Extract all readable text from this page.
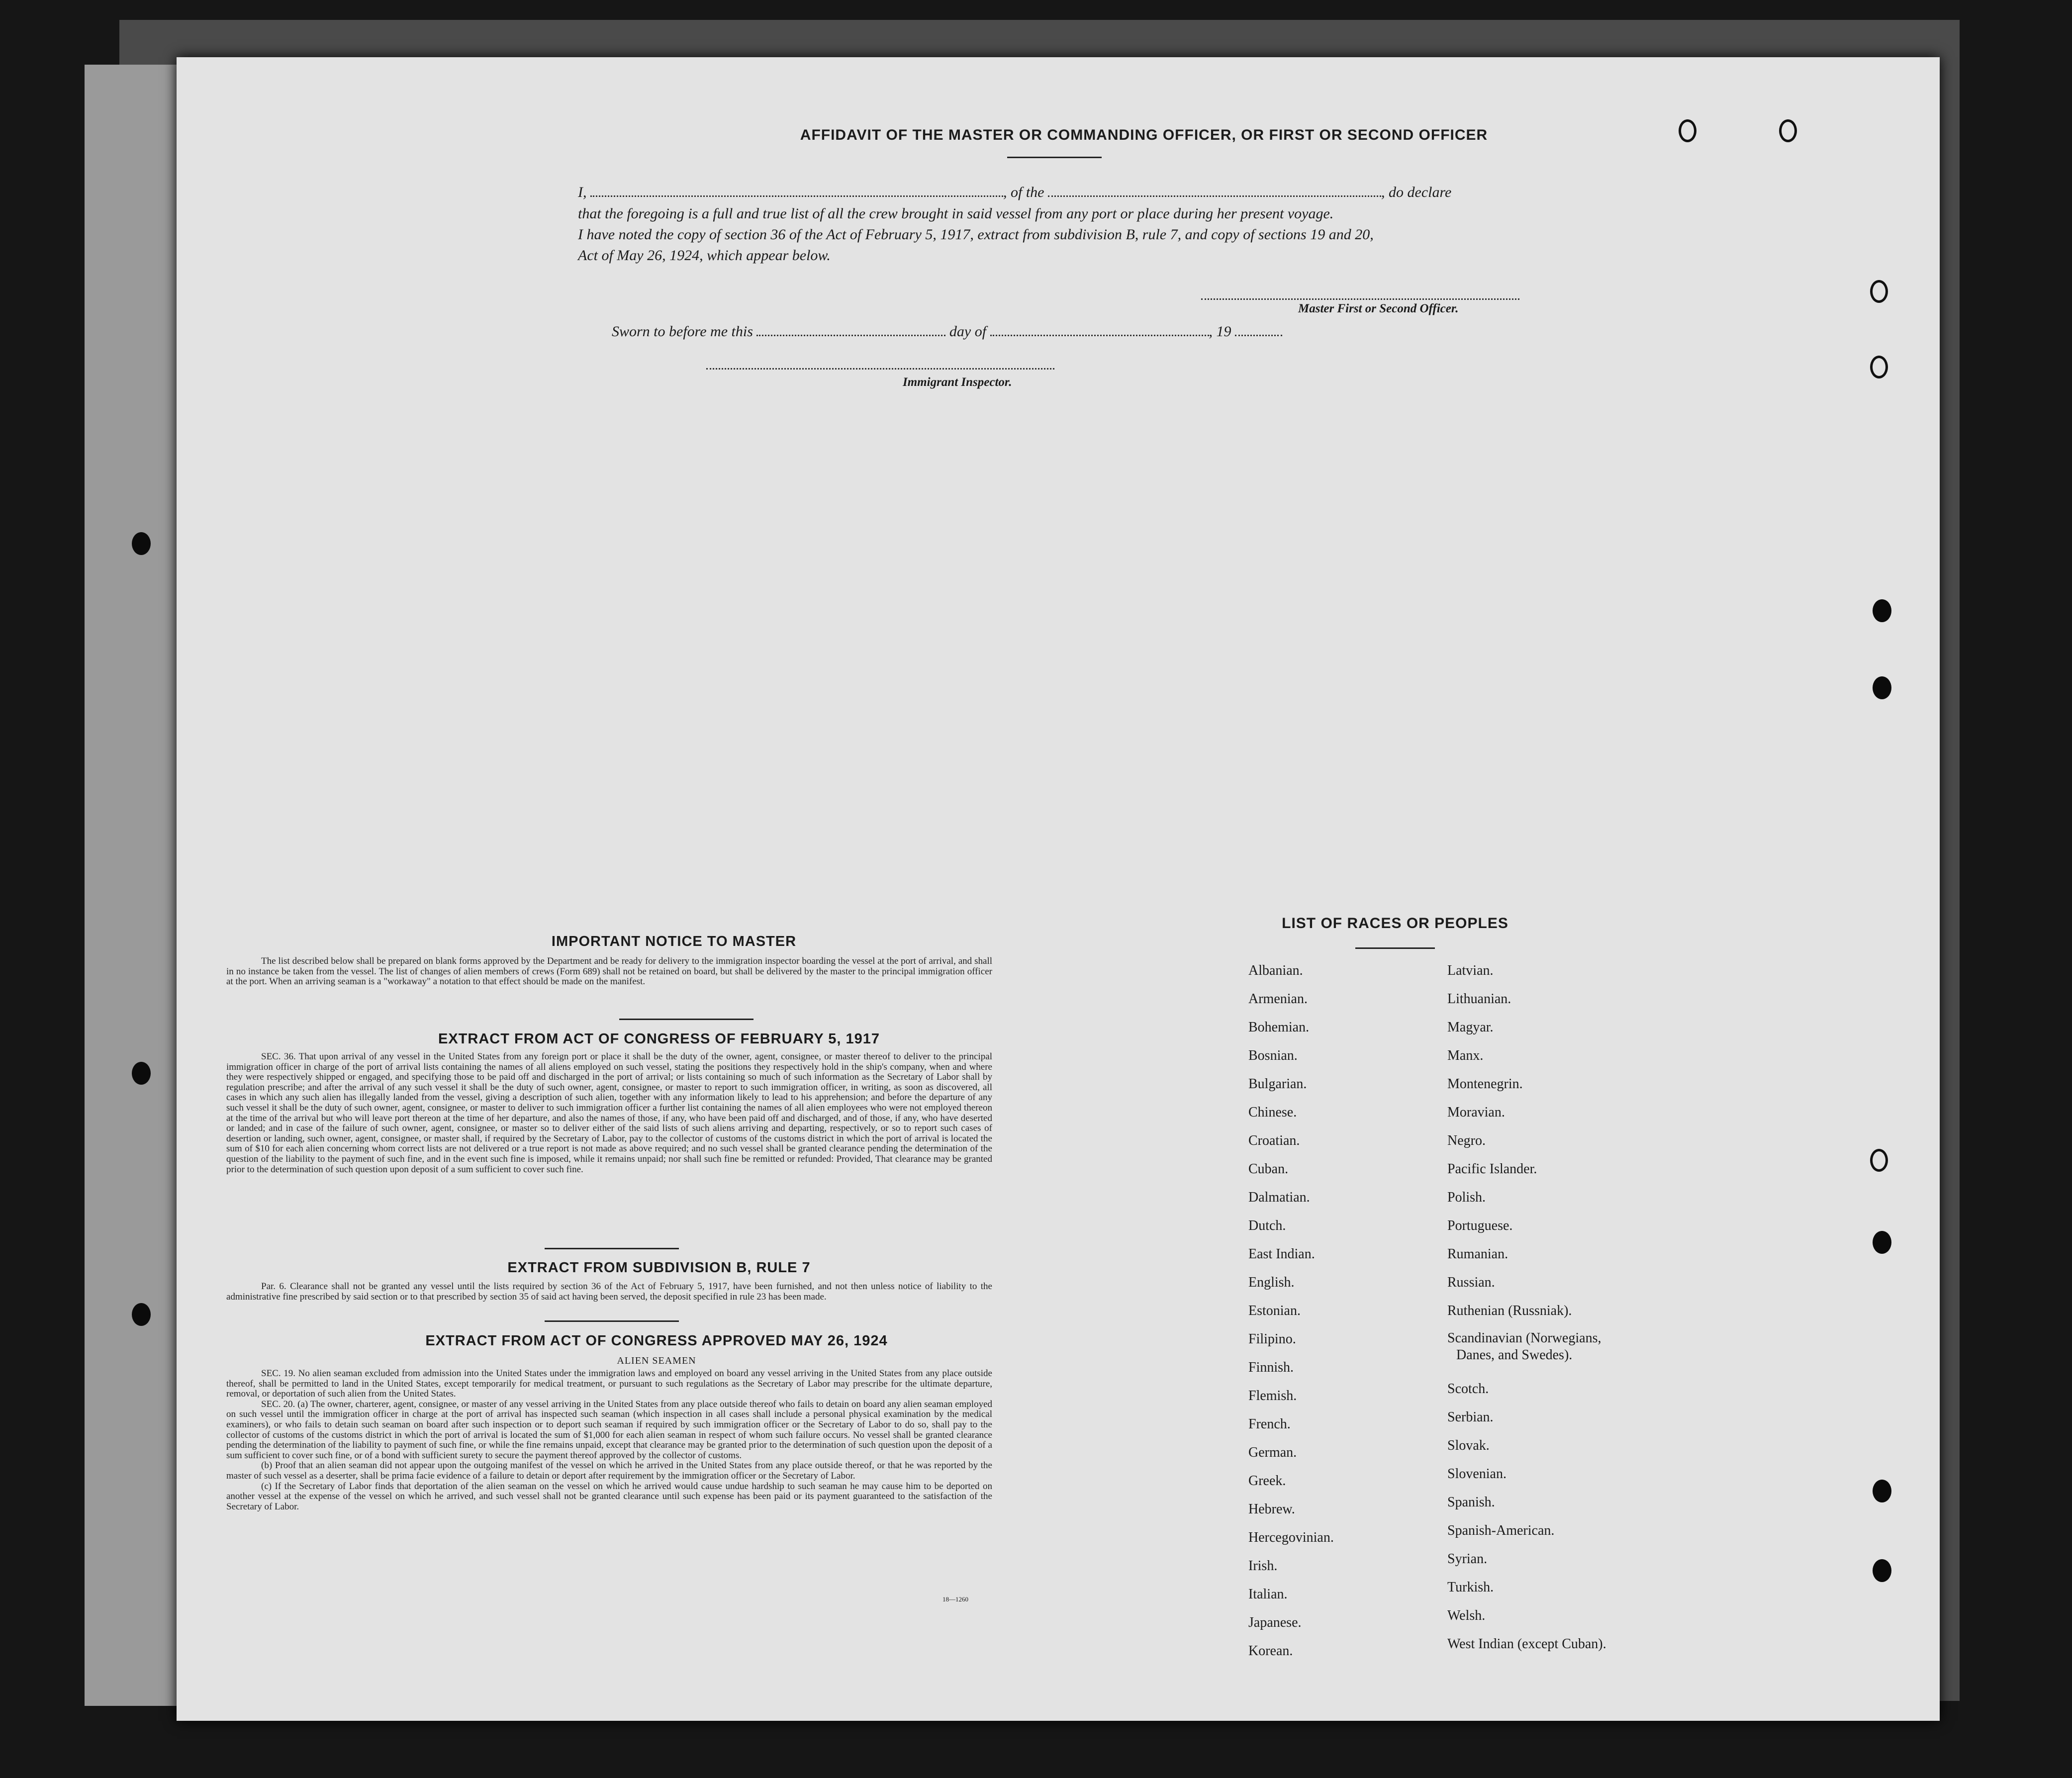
AFFIDAVIT OF THE MASTER OR COMMANDING OFFICER, OR FIRST OR SECOND OFFICER
I,	, of the	, do declare
that the foregoing is a full and true list of all the crew brought in said vessel from any port or place during her present voyage.
I have noted the copy of section 36 of the Act of February 5, 1917, extract from subdivision B, rule 7, and copy of sections 19 and 20,
Act of May 26, 1924, which appear below.
Master First or Second Officer.
Sworn to before me this	day of	, 19
Immigrant Inspector.
IMPORTANT NOTICE TO MASTER

The list described below shall be prepared on blank forms approved by the Department and be ready for delivery to the immigration inspector boarding the vessel at the port of arrival, and shall in no instance be taken from the vessel. The list of changes of alien members of crews (Form 689) shall not be retained on board, but shall be delivered by the master to the principal immigration officer at the port. When an arriving seaman is a "workaway" a notation to that effect should be made on the manifest.

EXTRACT FROM ACT OF CONGRESS OF FEBRUARY 5, 1917

SEC. 36. That upon arrival of any vessel in the United States from any foreign port or place it shall be the duty of the owner, agent, consignee, or master thereof to deliver to the principal immigration officer in charge of the port of arrival lists containing the names of all aliens employed on such vessel, stating the positions they respectively hold in the ship's company, when and where they were respectively shipped or engaged, and specifying those to be paid off and discharged in the port of arrival; or lists containing so much of such information as the Secretary of Labor shall by regulation prescribe; and after the arrival of any such vessel it shall be the duty of such owner, agent, consignee, or master to report to such immigration officer, in writing, as soon as discovered, all cases in which any such alien has illegally landed from the vessel, giving a description of such alien, together with any information likely to lead to his apprehension; and before the departure of any such vessel it shall be the duty of such owner, agent, consignee, or master to deliver to such immigration officer a further list containing the names of all alien employees who were not employed thereon at the time of the arrival but who will leave port thereon at the time of her departure, and also the names of those, if any, who have been paid off and discharged, and of those, if any, who have deserted or landed; and in case of the failure of such owner, agent, consignee, or master so to deliver either of the said lists of such aliens arriving and departing, respectively, or so to report such cases of desertion or landing, such owner, agent, consignee, or master shall, if required by the Secretary of Labor, pay to the collector of customs of the customs district in which the port of arrival is located the sum of $10 for each alien concerning whom correct lists are not delivered or a true report is not made as above required; and no such vessel shall be granted clearance pending the determination of the question of the liability to the payment of such fine, and in the event such fine is imposed, while it remains unpaid; nor shall such fine be remitted or refunded: Provided, That clearance may be granted prior to the determination of such question upon deposit of a sum sufficient to cover such fine.

EXTRACT FROM SUBDIVISION B, RULE 7

Par. 6. Clearance shall not be granted any vessel until the lists required by section 36 of the Act of February 5, 1917, have been furnished, and not then unless notice of liability to the administrative fine prescribed by said section or to that prescribed by section 35 of said act having been served, the deposit specified in rule 23 has been made.

EXTRACT FROM ACT OF CONGRESS APPROVED MAY 26, 1924
ALIEN SEAMEN

SEC. 19. No alien seaman excluded from admission into the United States under the immigration laws and employed on board any vessel arriving in the United States from any place outside thereof, shall be permitted to land in the United States, except temporarily for medical treatment, or pursuant to such regulations as the Secretary of Labor may prescribe for the ultimate departure, removal, or deportation of such alien from the United States.

SEC. 20. (a) The owner, charterer, agent, consignee, or master of any vessel arriving in the United States from any place outside thereof who fails to detain on board any alien seaman employed on such vessel until the immigration officer in charge at the port of arrival has inspected such seaman (which inspection in all cases shall include a personal physical examination by the medical examiners), or who fails to detain such seaman on board after such inspection or to deport such seaman if required by such immigration officer or the Secretary of Labor to do so, shall pay to the collector of customs of the customs district in which the port of arrival is located the sum of $1,000 for each alien seaman in respect of whom such failure occurs. No vessel shall be granted clearance pending the determination of the liability to payment of such fine, or while the fine remains unpaid, except that clearance may be granted prior to the determination of such question upon the deposit of a sum sufficient to cover such fine, or of a bond with sufficient surety to secure the payment thereof approved by the collector of customs.

(b) Proof that an alien seaman did not appear upon the outgoing manifest of the vessel on which he arrived in the United States from any place outside thereof, or that he was reported by the master of such vessel as a deserter, shall be prima facie evidence of a failure to detain or deport after requirement by the immigration officer or the Secretary of Labor.

(c) If the Secretary of Labor finds that deportation of the alien seaman on the vessel on which he arrived would cause undue hardship to such seaman he may cause him to be deported on another vessel at the expense of the vessel on which he arrived, and such vessel shall not be granted clearance until such expense has been paid or its payment guaranteed to the satisfaction of the Secretary of Labor.

18—1260
LIST OF RACES OR PEOPLES
Albanian.
Armenian.
Bohemian.
Bosnian.
Bulgarian.
Chinese.
Croatian.
Cuban.
Dalmatian.
Dutch.
East Indian.
English.
Estonian.
Filipino.
Finnish.
Flemish.
French.
German.
Greek.
Hebrew.
Hercegovinian.
Irish.
Italian.
Japanese.
Korean.
Latvian.
Lithuanian.
Magyar.
Manx.
Montenegrin.
Moravian.
Negro.
Pacific Islander.
Polish.
Portuguese.
Rumanian.
Russian.
Ruthenian (Russniak).
Scandinavian (Norwegians,
Danes, and Swedes).
Scotch.
Serbian.
Slovak.
Slovenian.
Spanish.
Spanish-American.
Syrian.
Turkish.
Welsh.
West Indian (except Cuban).
